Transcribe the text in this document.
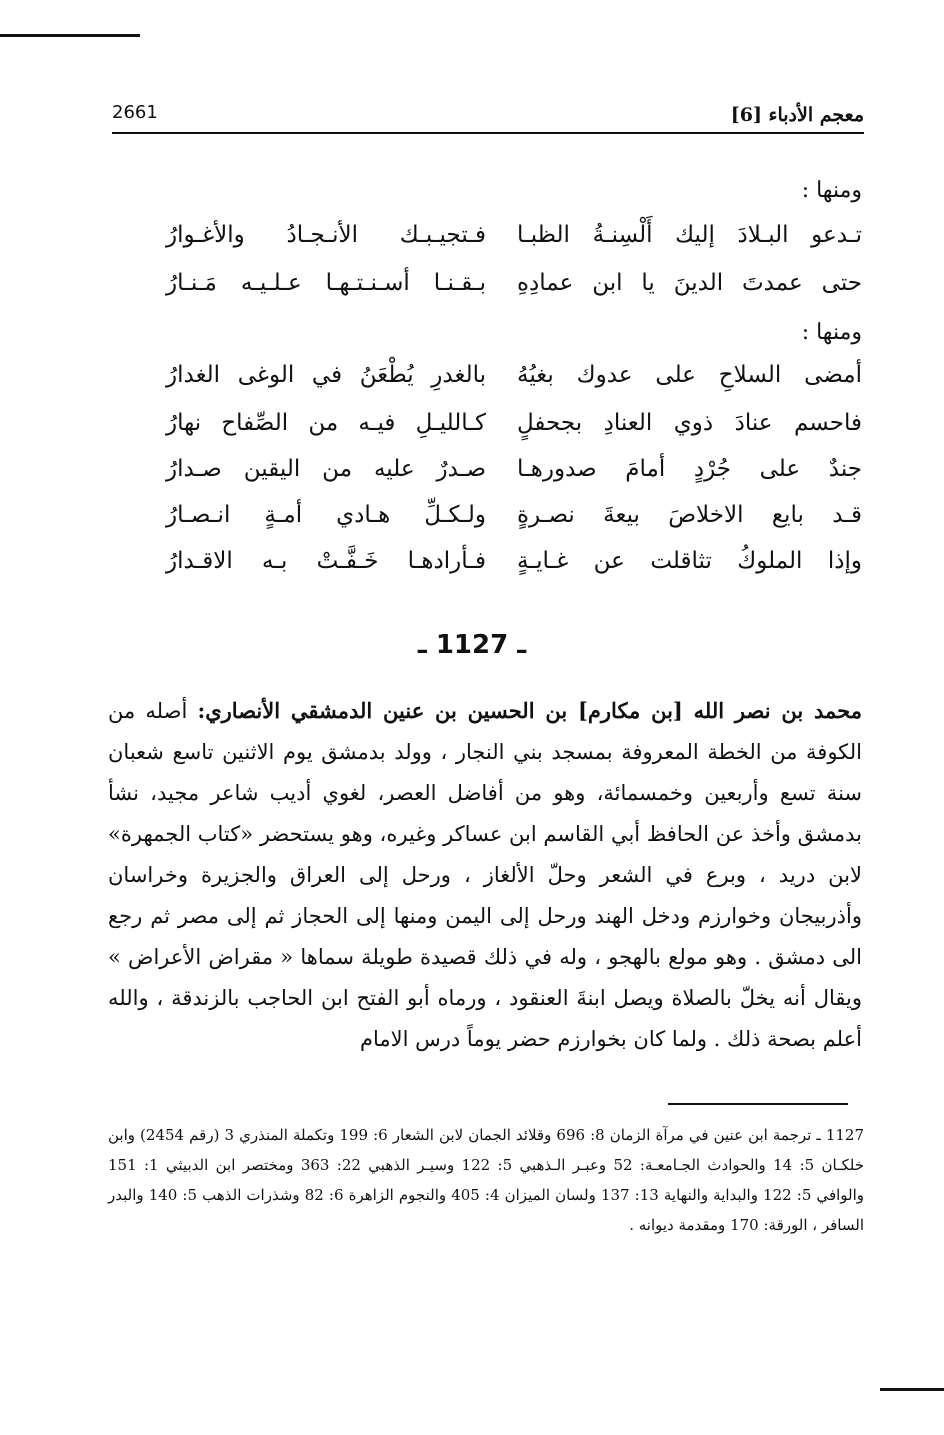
معجم الأدباء [6]
2661
ومنها :
تـدعو البـلادَ إليك أَلْسِنـةُ الظبـا
فـتجيـبـك الأنـجـادُ والأغـوارُ
حتى عمدتَ الدينَ يا ابن عمادِهِ
بـقـنـا أسـنـتـهـا عـلـيـه مَـنـارُ
ومنها :
أمضى السلاحِ على عدوك بغيُهُ
بالغدرِ يُطْعَنُ في الوغى الغدارُ
فاحسم عنادَ ذوي العنادِ بجحفلٍ
كـالليـلِ فيـه من الصِّفاح نهارُ
جندٌ على جُرْدٍ أمامَ صدورهـا
صـدرٌ عليه من اليقين صـدارُ
قـد بايع الاخلاصَ بيعةَ نصـرةٍ
ولـكـلِّ هـادي أمـةٍ انـصـارُ
وإذا الملوكُ تثاقلت عن غـايـةٍ
فـأرادهـا خَـفَّـتْ بـه الاقـدارُ
ـ 1127 ـ
محمد بن نصر الله [بن مكارم] بن الحسين بن عنين الدمشقي الأنصاري: أصله من الكوفة من الخطة المعروفة بمسجد بني النجار ، وولد بدمشق يوم الاثنين تاسع شعبان سنة تسع وأربعين وخمسمائة، وهو من أفاضل العصر، لغوي أديب شاعر مجيد، نشأ بدمشق وأخذ عن الحافظ أبي القاسم ابن عساكر وغيره، وهو يستحضر «كتاب الجمهرة» لابن دريد ، وبرع في الشعر وحلّ الألغاز ، ورحل إلى العراق والجزيرة وخراسان وأذربيجان وخوارزم ودخل الهند ورحل إلى اليمن ومنها إلى الحجاز ثم إلى مصر ثم رجع الى دمشق . وهو مولع بالهجو ، وله في ذلك قصيدة طويلة سماها « مقراض الأعراض » ويقال أنه يخلّ بالصلاة ويصل ابنةَ العنقود ، ورماه أبو الفتح ابن الحاجب بالزندقة ، والله أعلم بصحة ذلك . ولما كان بخوارزم حضر يوماً درس الامام
1127 ـ ترجمة ابن عنين في مرآة الزمان 8: 696 وقلائد الجمان لابن الشعار 6: 199 وتكملة المنذري 3 (رقم 2454) وابن خلكـان 5: 14 والحوادث الجـامعـة: 52 وعبـر الـذهبي 5: 122 وسيـر الذهبي 22: 363 ومختصر ابن الدبيثي 1: 151 والوافي 5: 122 والبداية والنهاية 13: 137 ولسان الميزان 4: 405 والنجوم الزاهرة 6: 82 وشذرات الذهب 5: 140 والبدر السافر ، الورقة: 170 ومقدمة ديوانه .
